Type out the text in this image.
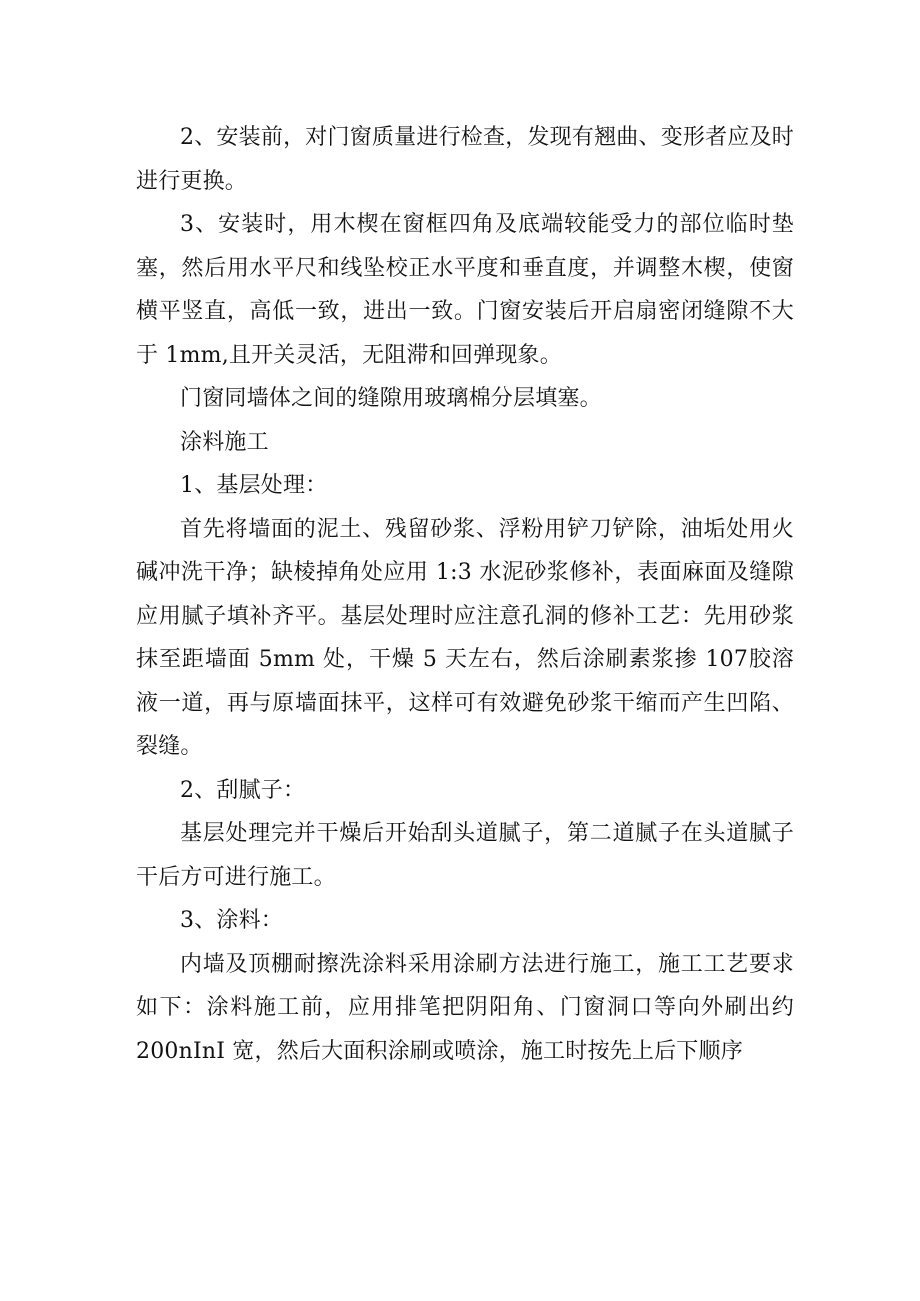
2、安装前，对门窗质量进行检查，发现有翘曲、变形者应及时进行更换。

3、安装时，用木楔在窗框四角及底端较能受力的部位临时垫塞，然后用水平尺和线坠校正水平度和垂直度，并调整木楔，使窗横平竖直，高低一致，进出一致。门窗安装后开启扇密闭缝隙不大于 1mm,且开关灵活，无阻滞和回弹现象。

门窗同墙体之间的缝隙用玻璃棉分层填塞。

涂料施工

1、基层处理：

首先将墙面的泥土、残留砂浆、浮粉用铲刀铲除，油垢处用火碱冲洗干净；缺棱掉角处应用 1:3 水泥砂浆修补，表面麻面及缝隙应用腻子填补齐平。基层处理时应注意孔洞的修补工艺：先用砂浆抹至距墙面 5mm 处，干燥 5 天左右，然后涂刷素浆掺 107胶溶液一道，再与原墙面抹平，这样可有效避免砂浆干缩而产生凹陷、裂缝。

2、刮腻子：

基层处理完并干燥后开始刮头道腻子，第二道腻子在头道腻子干后方可进行施工。

3、涂料：

内墙及顶棚耐擦洗涂料采用涂刷方法进行施工，施工工艺要求如下：涂料施工前，应用排笔把阴阳角、门窗洞口等向外刷出约 200nInI 宽，然后大面积涂刷或喷涂，施工时按先上后下顺序
